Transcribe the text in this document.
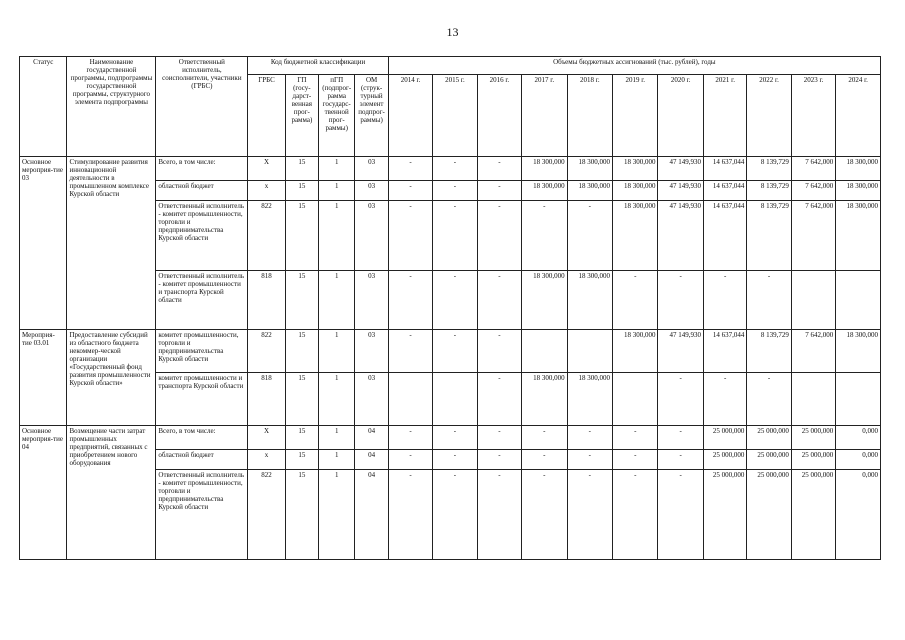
13
Статус	Наименование государственной программы, подпрограммы государственной программы, структурного элемента подпрограммы	Ответственный исполнитель, соисполнители, участники (ГРБС)	Код бюджетной классификации				Объемы бюджетных ассигнований (тыс. рублей), годы										
			ГРБС	ГП (госу-дарст-венная прог-рамма)	пГП (подпрог-рамма государс-твенной прог-раммы)	ОМ (струк-турный элемент подпрог-раммы)	2014 г.	2015 г.	2016 г.	2017 г.	2018 г.	2019 г.	2020 г.	2021 г.	2022 г.	2023 г.	2024 г.
Основное мероприя-тие 03	Стимулирование развития инновационной деятельности в промышленном комплексе Курской области	Всего, в том числе:	Х	15	1	03	-	-	-	18 300,000	18 300,000	18 300,000	47 149,930	14 637,044	8 139,729	7 642,000	18 300,000
		областной бюджет	х	15	1	03	-	-	-	18 300,000	18 300,000	18 300,000	47 149,930	14 637,044	8 139,729	7 642,000	18 300,000
		Ответственный исполнитель - комитет промышленности, торговли и предпринимательства Курской области	822	15	1	03	-	-	-	-	-	18 300,000	47 149,930	14 637,044	8 139,729	7 642,000	18 300,000
		Ответственный исполнитель - комитет промышленности и транспорта Курской области	818	15	1	03	-	-	-	18 300,000	18 300,000	-	-	-	-		
Мероприя-тие 03.01	Предоставление субсидий из областного бюджета некоммер-ческой организации «Государственный фонд развития промышленности Курской области»	комитет промышленности, торговли и предпринимательства Курской области	822	15	1	03	-	-	-			18 300,000	47 149,930	14 637,044	8 139,729	7 642,000	18 300,000
		комитет промышленности и транспорта Курской области	818	15	1	03			-	18 300,000	18 300,000		-	-	-		
Основное мероприя-тие 04	Возмещение части затрат промышленных предприятий, связанных с приобретением нового оборудования	Всего, в том числе:	Х	15	1	04	-	-	-	-	-	-	-	25 000,000	25 000,000	25 000,000	0,000
		областной бюджет	х	15	1	04	-	-	-	-	-	-	-	25 000,000	25 000,000	25 000,000	0,000
		Ответственный исполнитель - комитет промышленности, торговли и предпринимательства Курской области	822	15	1	04	-	-	-	-	-	-	-	25 000,000	25 000,000	25 000,000	0,000
